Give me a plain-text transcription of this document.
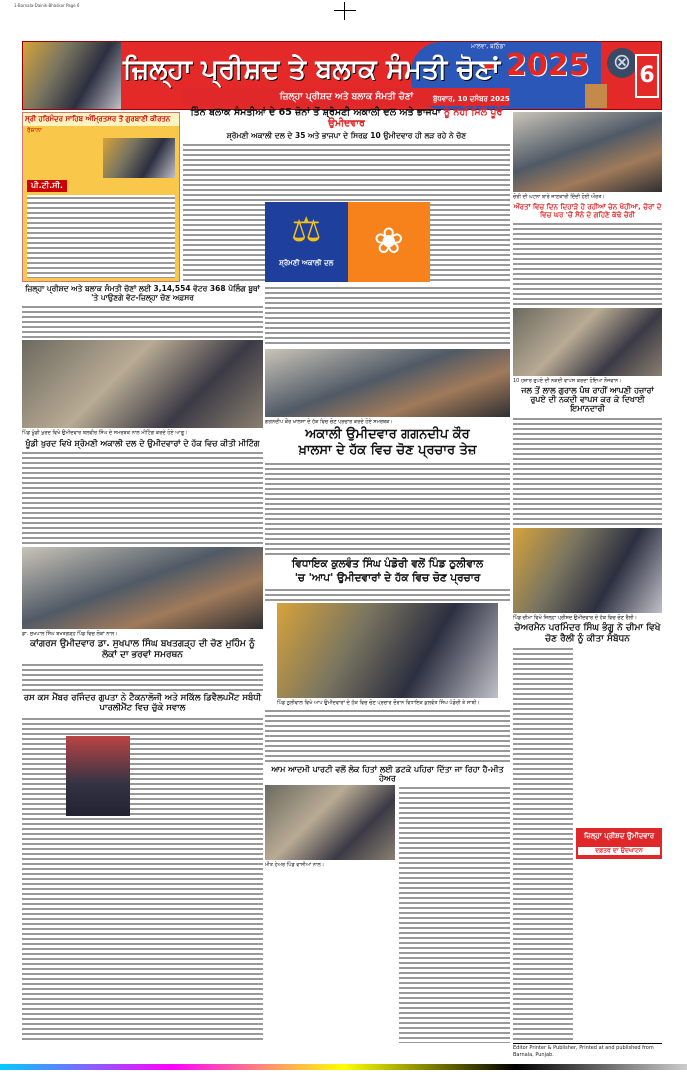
1-Barnala-Dainik-Bhaskar Page 6
ਜ਼ਿਲ੍ਹਾ ਪ੍ਰੀਸ਼ਦ ਤੇ ਬਲਾਕ ਸੰਮਤੀ ਚੋਣਾਂ
- 2025
ਮਾਲਵਾ, ਬਠਿੰਡਾ
⊗
ਬੁੱਧਵਾਰ, 10 ਦਸੰਬਰ 2025
6
ਸ੍ਰੀ ਹਰਿਮੰਦਰ ਸਾਹਿਬ ਅੰਮ੍ਰਿਤਸਰ ਤੋਂ ਗੁਰਬਾਣੀ ਕੀਰਤਨ
ਰੋਜ਼ਾਨਾ
ਪੀ.ਟੀ.ਸੀ.
ਜ਼ਿਲ੍ਹਾ ਪ੍ਰੀਸ਼ਦ ਅਤੇ ਬਲਾਕ ਸੰਮਤੀ ਚੋਣਾਂ ਲਈ 3,14,554 ਵੋਟਰ 368 ਪੋਲਿੰਗ ਬੂਥਾਂ 'ਤੇ ਪਾਉਣਗੇ ਵੋਟ-ਜ਼ਿਲ੍ਹਾ ਚੋਣ ਅਫ਼ਸਰ
ਪਿੰਡ ਖੂੰਡੀ ਖੁਰਦ ਵਿਖੇ ਉਮੀਦਵਾਰ ਬਲਵੀਰ ਸਿੰਘ ਦੇ ਸਮਰਥਕ ਨਾਲ ਮੀਟਿੰਗ ਕਰਦੇ ਹੋਏ ਆਗੂ।
ਖੂੰਡੀ ਖੁਰਦ ਵਿਖੇ ਸ਼੍ਰੋਮਣੀ ਅਕਾਲੀ ਦਲ ਦੇ ਉਮੀਦਵਾਰਾਂ ਦੇ ਹੱਕ ਵਿਚ ਕੀਤੀ ਮੀਟਿੰਗ
ਡਾ. ਸੁਖਪਾਲ ਸਿੰਘ ਬਖਤਗੜ੍ਹ ਪਿੰਡ ਵਿਚ ਲੋਕਾਂ ਨਾਲ।
ਕਾਂਗਰਸ ਉਮੀਦਵਾਰ ਡਾ. ਸੁਖਪਾਲ ਸਿੰਘ ਬਖਤਗੜ੍ਹ ਦੀ ਚੋਣ ਮੁਹਿੰਮ ਨੂੰ ਲੋਕਾਂ ਦਾ ਭਰਵਾਂ ਸਮਰਥਨ
ਰਸ ਕਸ ਮੈਂਬਰ ਰਜਿੰਦਰ ਗੁਪਤਾ ਨੇ ਟੈਕਨਾਲੋਜੀ ਅਤੇ ਸਕਿੱਲ ਡਿਵੈਲਪਮੈਂਟ ਸਬੰਧੀ ਪਾਰਲੀਮੈਂਟ ਵਿਚ ਚੁੱਕੇ ਸਵਾਲ
ਜ਼ਿਲ੍ਹਾ ਪ੍ਰੀਸ਼ਦ ਅਤੇ ਬਲਾਕ ਸੰਮਤੀ ਚੋਣਾਂ
ਤਿੰਨ ਬਲਾਕ ਸੰਮਤੀਆਂ ਦੇ 65 ਜ਼ੋਨਾਂ ਤੋਂ ਸ਼੍ਰੋਮਣੀ ਅਕਾਲੀ ਦਲ ਅਤੇ ਭਾਜਪਾ ਨੂੰ ਨਹੀਂ ਮਿਲੇ ਪੂਰੇ ਉਮੀਦਵਾਰ
ਸ਼੍ਰੋਮਣੀ ਅਕਾਲੀ ਦਲ ਦੇ 35 ਅਤੇ ਭਾਜਪਾ ਦੇ ਸਿਰਫ਼ 10 ਉਮੀਦਵਾਰ ਹੀ ਲੜ ਰਹੇ ਨੇ ਚੋਣ
⚖
ਸ਼੍ਰੋਮਣੀ ਅਕਾਲੀ ਦਲ
❀
ਗਗਨਦੀਪ ਕੌਰ ਖ਼ਾਲਸਾ ਦੇ ਹੱਕ ਵਿਚ ਚੋਣ ਪ੍ਰਚਾਰ ਕਰਦੇ ਹੋਏ ਸਮਰਥਕ।
ਅਕਾਲੀ ਉਮੀਦਵਾਰ ਗਗਨਦੀਪ ਕੌਰ
ਖ਼ਾਲਸਾ ਦੇ ਹੱਕ ਵਿਚ ਚੋਣ ਪ੍ਰਚਾਰ ਤੇਜ਼
ਵਿਧਾਇਕ ਕੁਲਵੰਤ ਸਿੰਘ ਪੰਡੋਰੀ ਵਲੋਂ ਪਿੰਡ ਠੁਲੀਵਾਲ
'ਚ 'ਆਪ' ਉਮੀਦਵਾਰਾਂ ਦੇ ਹੱਕ ਵਿਚ ਚੋਣ ਪ੍ਰਚਾਰ
ਪਿੰਡ ਠੁਲੀਵਾਲ ਵਿਖੇ ਆਪ ਉਮੀਦਵਾਰਾਂ ਦੇ ਹੱਕ ਵਿਚ ਚੋਣ ਪ੍ਰਚਾਰ ਦੌਰਾਨ ਵਿਧਾਇਕ ਕੁਲਵੰਤ ਸਿੰਘ ਪੰਡੋਰੀ ਤੇ ਸਾਥੀ।
ਆਮ ਆਦਮੀ ਪਾਰਟੀ ਵਲੋਂ ਲੋਕ ਹਿਤਾਂ ਲਈ ਡਟਕੇ ਪਹਿਰਾ ਦਿੱਤਾ ਜਾ ਰਿਹਾ ਹੈ-ਮੀਤ ਹੇਅਰ
ਮੀਤ ਹੇਅਰ ਪਿੰਡ ਵਾਸੀਆਂ ਨਾਲ।
ਚੋਰੀ ਦੀ ਘਟਨਾ ਬਾਰੇ ਜਾਣਕਾਰੀ ਦਿੰਦੀ ਹੋਈ ਔਰਤ।
ਔਰਤਾਂ ਵਿਚ ਦਿਨ ਦਿਹਾੜੇ ਹੋ ਰਹੀਆਂ ਚੇਨ ਖੋਹੀਆਂ, ਚੋਰਾਂ ਦੇ ਵਿਚ ਘਰ 'ਚੋਂ ਸੋਨੇ ਦੇ ਗਹਿਣੇ ਕੱਢੇ ਚੋਰੀ
10 ਹਜ਼ਾਰ ਰੁਪਏ ਦੀ ਨਕਦੀ ਵਾਪਸ ਕਰਦਾ ਹੋਇਆ ਨੌਜਵਾਨ।
ਜਲ ਤੋਂ ਲਾਲ ਗੁਰਾਲ ਪੰਥ ਰਾਹੀਂ ਆਪਣੀ ਹਜ਼ਾਰਾਂ ਰੁਪਏ ਦੀ ਨਕਦੀ ਵਾਪਸ ਕਰ ਕੇ ਦਿਖਾਈ ਇਮਾਨਦਾਰੀ
ਪਿੰਡ ਚੀਮਾ ਵਿਖੇ ਜ਼ਿਲ੍ਹਾ ਪ੍ਰੀਸ਼ਦ ਉਮੀਦਵਾਰ ਦੇ ਹੱਕ ਵਿਚ ਚੋਣ ਰੈਲੀ।
ਚੇਅਰਮੈਨ ਪਰਮਿੰਦਰ ਸਿੰਘ ਭੰਗੂ ਨੇ ਚੀਮਾ ਵਿਖੇ ਚੋਣ ਰੈਲੀ ਨੂੰ ਕੀਤਾ ਸੰਬੋਧਨ
ਜ਼ਿਲ੍ਹਾ ਪ੍ਰੀਸ਼ਦ ਉਮੀਦਵਾਰ
ਦਫ਼ਤਰ ਦਾ ਉਦਘਾਟਨ
Editor Printer & Publisher, Printed at and published from Barnala, Punjab.
